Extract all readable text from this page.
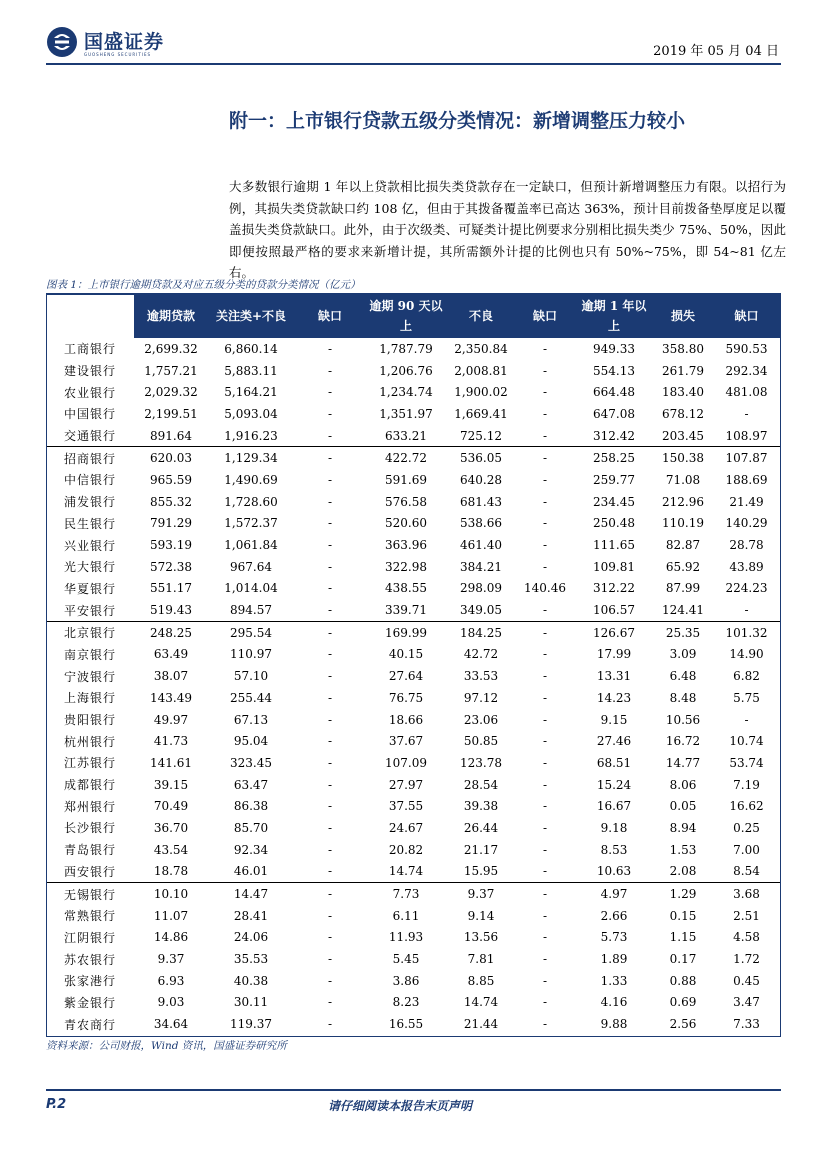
国盛证券
GUOSHENG SECURITIES	2019 年 05 月 04 日
附一：上市银行贷款五级分类情况：新增调整压力较小
大多数银行逾期 1 年以上贷款相比损失类贷款存在一定缺口，但预计新增调整压力有限。以招行为例，其损失类贷款缺口约 108 亿，但由于其拨备覆盖率已高达 363%，预计目前拨备垫厚度足以覆盖损失类贷款缺口。此外，由于次级类、可疑类计提比例要求分别相比损失类少 75%、50%，因此即便按照最严格的要求来新增计提，其所需额外计提的比例也只有 50%~75%，即 54~81 亿左右。
图表 1：上市银行逾期贷款及对应五级分类的贷款分类情况（亿元）
	逾期贷款	关注类+不良	缺口	逾期 90 天以上	不良	缺口	逾期 1 年以上	损失	缺口
工商银行	2,699.32	6,860.14	-	1,787.79	2,350.84	-	949.33	358.80	590.53
建设银行	1,757.21	5,883.11	-	1,206.76	2,008.81	-	554.13	261.79	292.34
农业银行	2,029.32	5,164.21	-	1,234.74	1,900.02	-	664.48	183.40	481.08
中国银行	2,199.51	5,093.04	-	1,351.97	1,669.41	-	647.08	678.12	-
交通银行	891.64	1,916.23	-	633.21	725.12	-	312.42	203.45	108.97
招商银行	620.03	1,129.34	-	422.72	536.05	-	258.25	150.38	107.87
中信银行	965.59	1,490.69	-	591.69	640.28	-	259.77	71.08	188.69
浦发银行	855.32	1,728.60	-	576.58	681.43	-	234.45	212.96	21.49
民生银行	791.29	1,572.37	-	520.60	538.66	-	250.48	110.19	140.29
兴业银行	593.19	1,061.84	-	363.96	461.40	-	111.65	82.87	28.78
光大银行	572.38	967.64	-	322.98	384.21	-	109.81	65.92	43.89
华夏银行	551.17	1,014.04	-	438.55	298.09	140.46	312.22	87.99	224.23
平安银行	519.43	894.57	-	339.71	349.05	-	106.57	124.41	-
北京银行	248.25	295.54	-	169.99	184.25	-	126.67	25.35	101.32
南京银行	63.49	110.97	-	40.15	42.72	-	17.99	3.09	14.90
宁波银行	38.07	57.10	-	27.64	33.53	-	13.31	6.48	6.82
上海银行	143.49	255.44	-	76.75	97.12	-	14.23	8.48	5.75
贵阳银行	49.97	67.13	-	18.66	23.06	-	9.15	10.56	-
杭州银行	41.73	95.04	-	37.67	50.85	-	27.46	16.72	10.74
江苏银行	141.61	323.45	-	107.09	123.78	-	68.51	14.77	53.74
成都银行	39.15	63.47	-	27.97	28.54	-	15.24	8.06	7.19
郑州银行	70.49	86.38	-	37.55	39.38	-	16.67	0.05	16.62
长沙银行	36.70	85.70	-	24.67	26.44	-	9.18	8.94	0.25
青岛银行	43.54	92.34	-	20.82	21.17	-	8.53	1.53	7.00
西安银行	18.78	46.01	-	14.74	15.95	-	10.63	2.08	8.54
无锡银行	10.10	14.47	-	7.73	9.37	-	4.97	1.29	3.68
常熟银行	11.07	28.41	-	6.11	9.14	-	2.66	0.15	2.51
江阴银行	14.86	24.06	-	11.93	13.56	-	5.73	1.15	4.58
苏农银行	9.37	35.53	-	5.45	7.81	-	1.89	0.17	1.72
张家港行	6.93	40.38	-	3.86	8.85	-	1.33	0.88	0.45
紫金银行	9.03	30.11	-	8.23	14.74	-	4.16	0.69	3.47
青农商行	34.64	119.37	-	16.55	21.44	-	9.88	2.56	7.33
资料来源：公司财报，Wind 资讯，国盛证券研究所
P.2	请仔细阅读本报告末页声明
